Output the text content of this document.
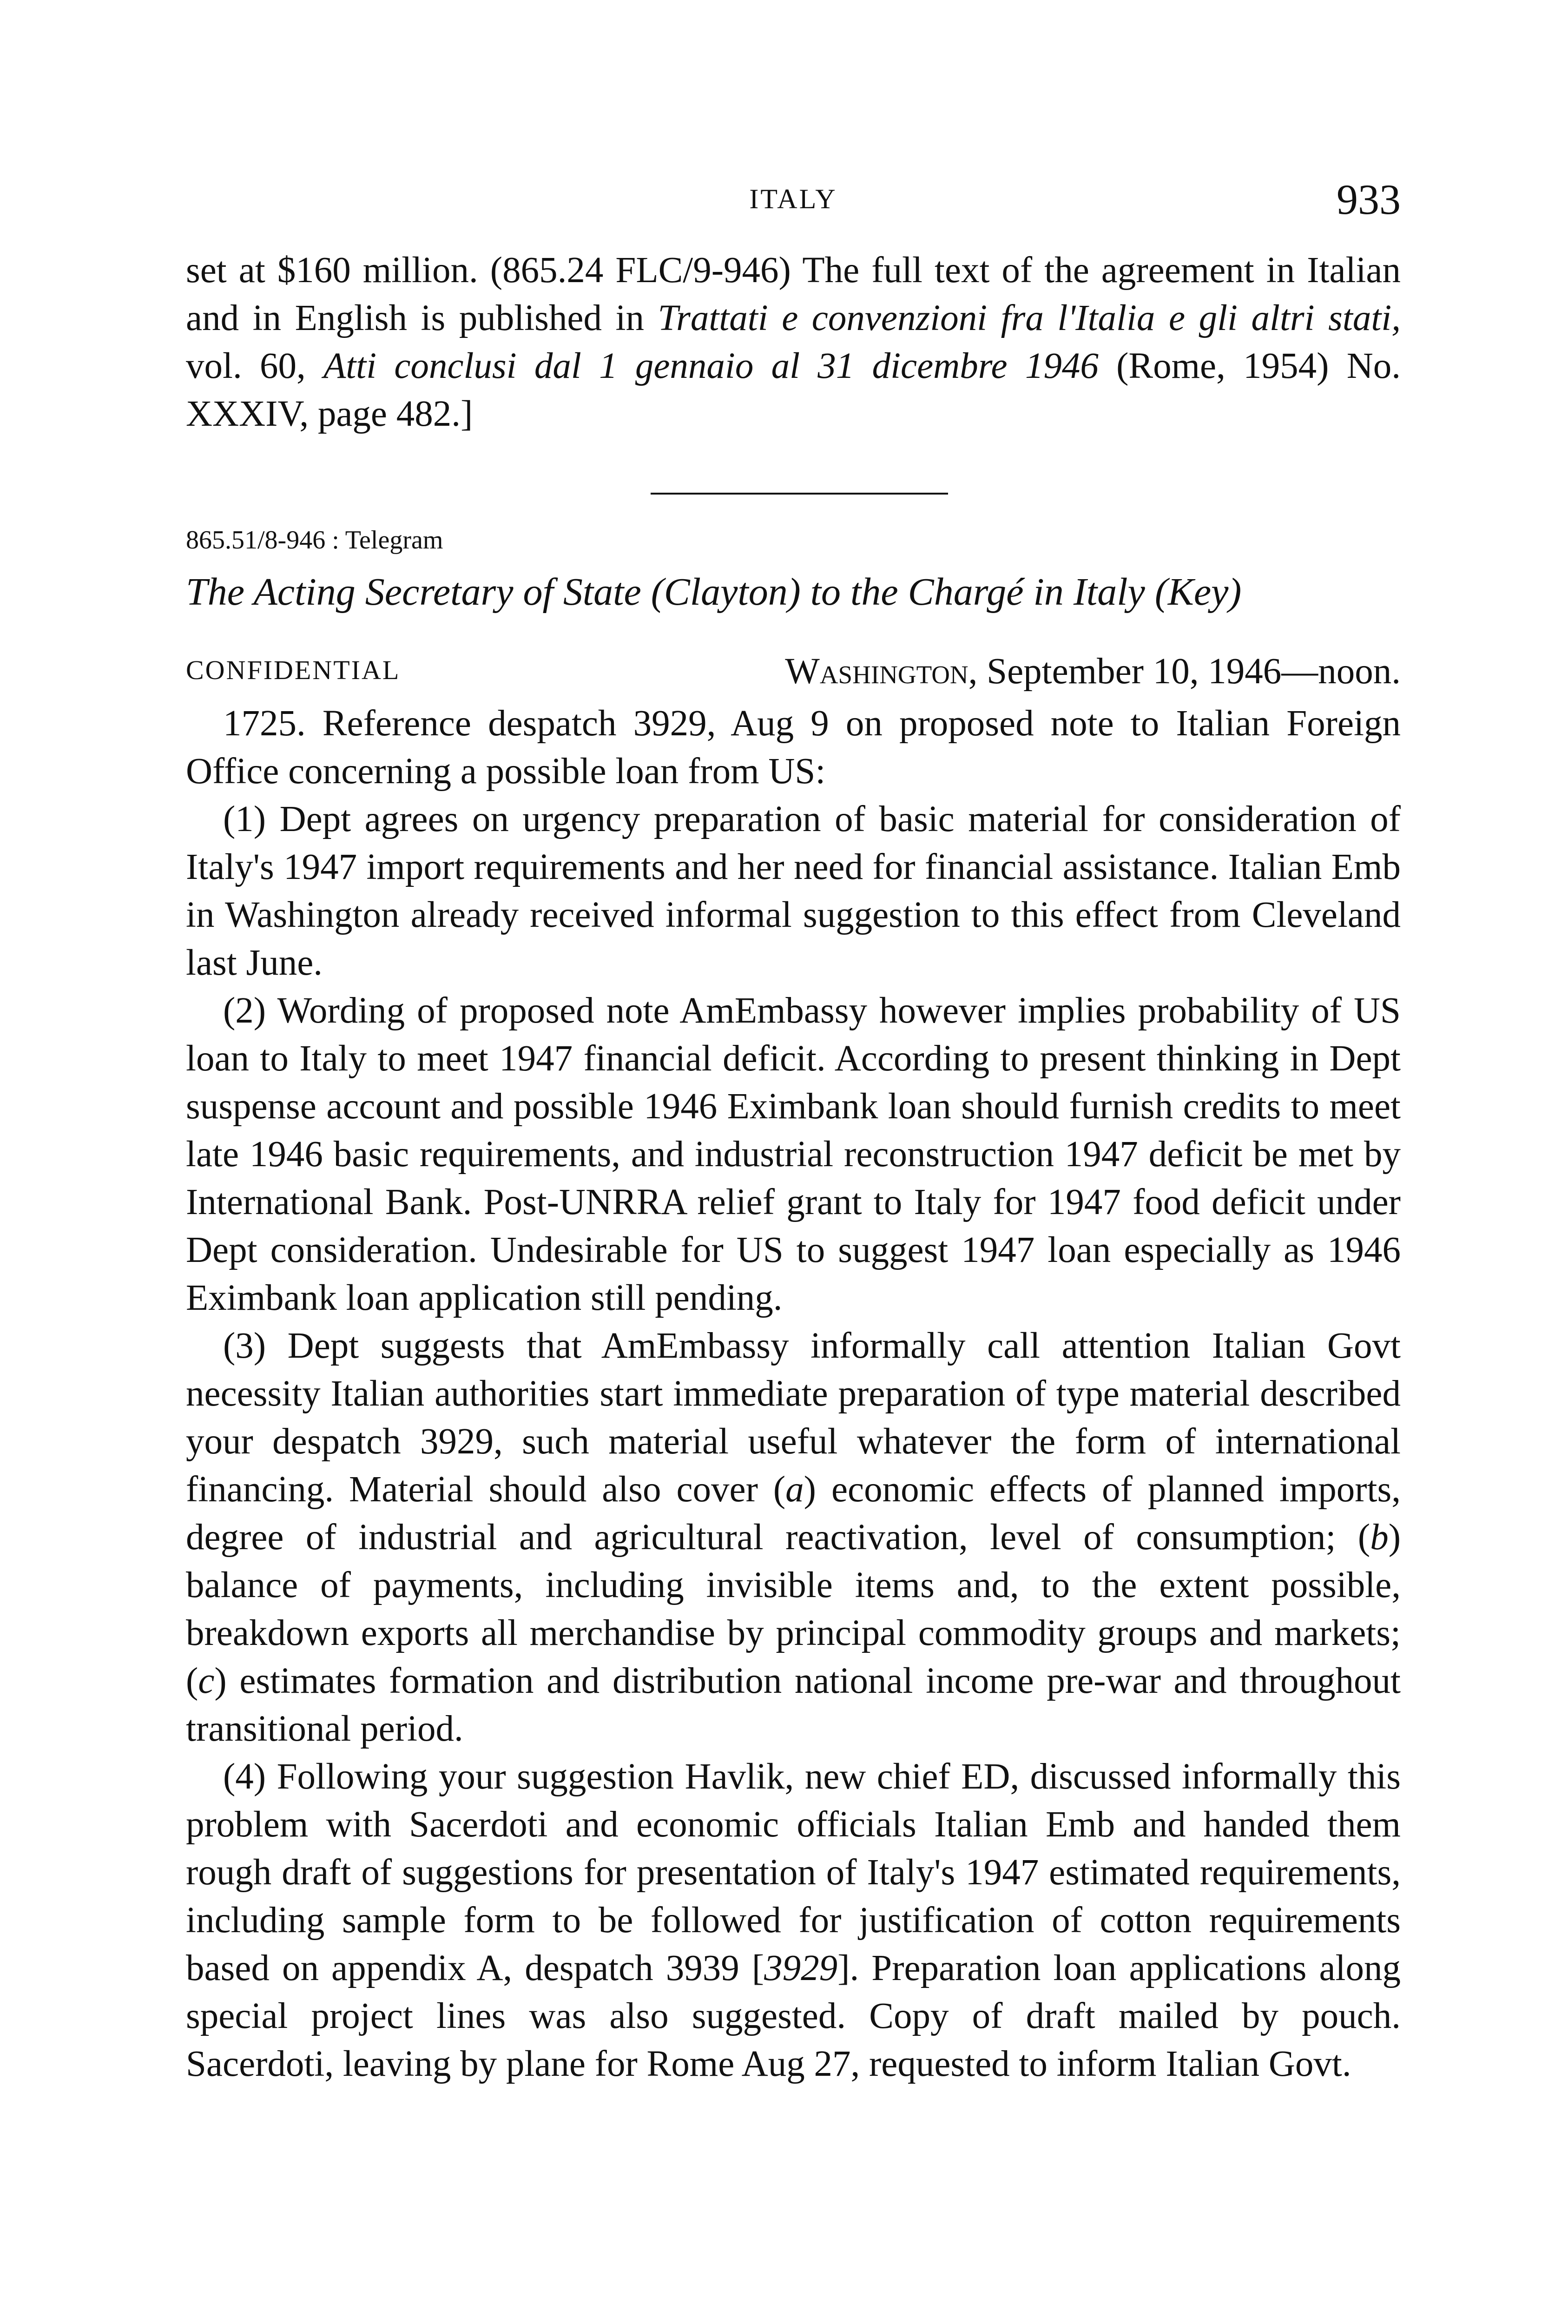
ITALY	933
set at $160 million. (865.24 FLC/9-946) The full text of the agreement in Italian and in English is published in Trattati e convenzioni fra l'Italia e gli altri stati, vol. 60, Atti conclusi dal 1 gennaio al 31 dicembre 1946 (Rome, 1954) No. XXXIV, page 482.]
865.51/8-946 : Telegram
The Acting Secretary of State (Clayton) to the Chargé in Italy (Key)
CONFIDENTIAL	Washington, September 10, 1946—noon.

1725. Reference despatch 3929, Aug 9 on proposed note to Italian Foreign Office concerning a possible loan from US:

(1) Dept agrees on urgency preparation of basic material for consideration of Italy's 1947 import requirements and her need for financial assistance. Italian Emb in Washington already received informal suggestion to this effect from Cleveland last June.

(2) Wording of proposed note AmEmbassy however implies probability of US loan to Italy to meet 1947 financial deficit. According to present thinking in Dept suspense account and possible 1946 Eximbank loan should furnish credits to meet late 1946 basic requirements, and industrial reconstruction 1947 deficit be met by International Bank. Post-UNRRA relief grant to Italy for 1947 food deficit under Dept consideration. Undesirable for US to suggest 1947 loan especially as 1946 Eximbank loan application still pending.

(3) Dept suggests that AmEmbassy informally call attention Italian Govt necessity Italian authorities start immediate preparation of type material described your despatch 3929, such material useful whatever the form of international financing. Material should also cover (a) economic effects of planned imports, degree of industrial and agricultural reactivation, level of consumption; (b) balance of payments, including invisible items and, to the extent possible, breakdown exports all merchandise by principal commodity groups and markets; (c) estimates formation and distribution national income pre-war and throughout transitional period.

(4) Following your suggestion Havlik, new chief ED, discussed informally this problem with Sacerdoti and economic officials Italian Emb and handed them rough draft of suggestions for presentation of Italy's 1947 estimated requirements, including sample form to be followed for justification of cotton requirements based on appendix A, despatch 3939 [3929]. Preparation loan applications along special project lines was also suggested. Copy of draft mailed by pouch. Sacerdoti, leaving by plane for Rome Aug 27, requested to inform Italian Govt.
